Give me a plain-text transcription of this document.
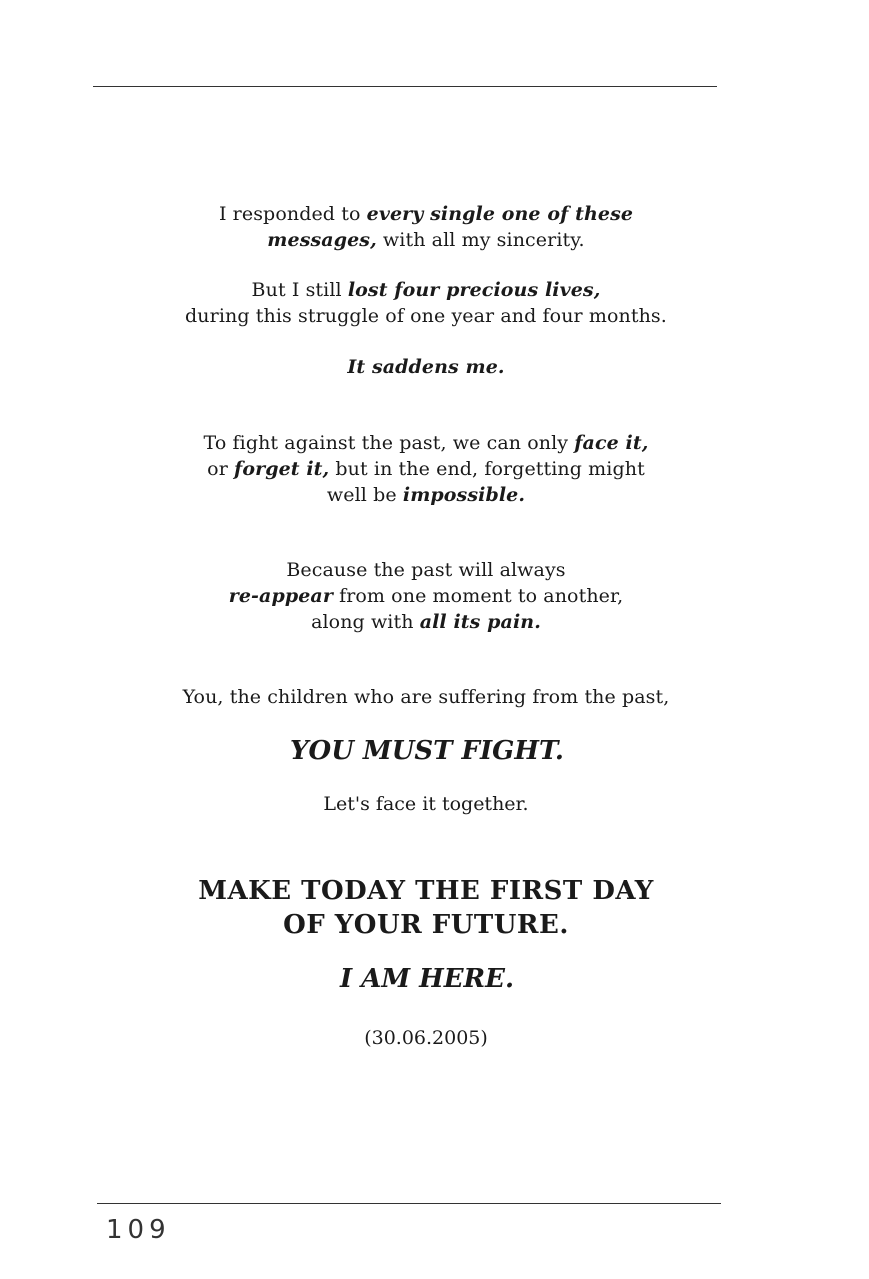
I responded to every single one of these
messages, with all my sincerity.
But I still lost four precious lives,
during this struggle of one year and four months.
It saddens me.
To fight against the past, we can only face it,
or forget it, but in the end, forgetting might
well be impossible.
Because the past will always
re-appear from one moment to another,
along with all its pain.
You, the children who are suffering from the past,
YOU MUST FIGHT.
Let's face it together.
MAKE TODAY THE FIRST DAY
OF YOUR FUTURE.
I AM HERE.
(30.06.2005)
109
